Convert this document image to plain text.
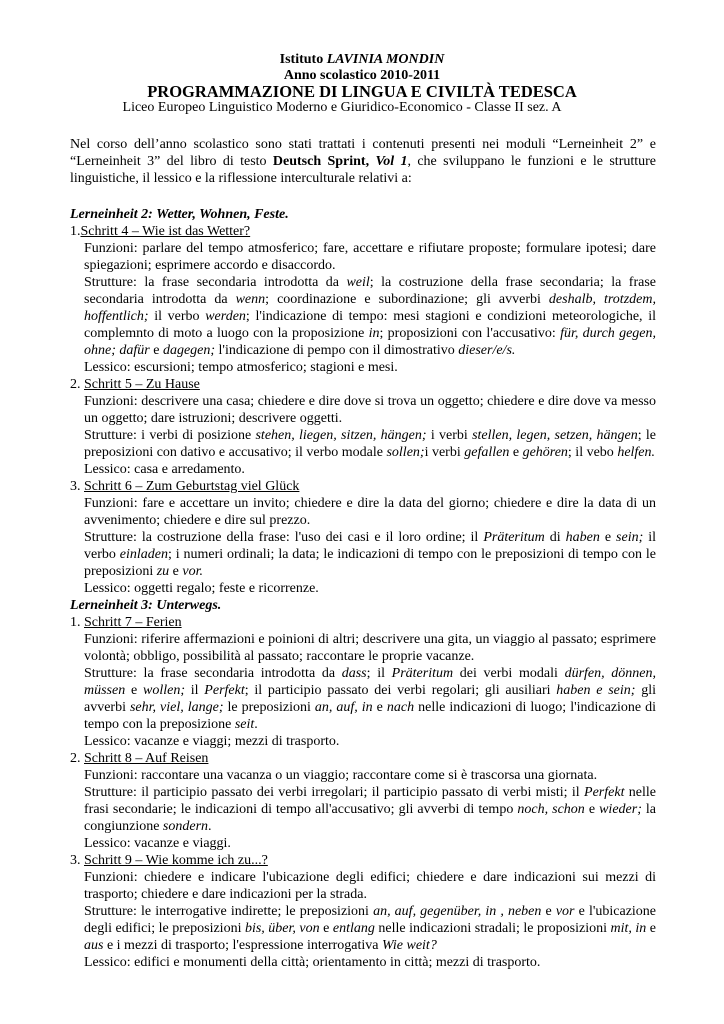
Istituto LAVINIA MONDIN
Anno scolastico 2010-2011
PROGRAMMAZIONE DI LINGUA E CIVILTÀ TEDESCA
Liceo Europeo Linguistico Moderno e Giuridico-Economico - Classe II sez. A
Nel corso dell’anno scolastico sono stati trattati i contenuti presenti nei moduli “Lerneinheit 2” e “Lerneinheit 3” del libro di testo Deutsch Sprint, Vol 1, che sviluppano le funzioni e le strutture linguistiche, il lessico e la riflessione interculturale relativi a:
Lerneinheit 2: Wetter, Wohnen, Feste.
1.Schritt 4 – Wie ist das Wetter?
Funzioni: parlare del tempo atmosferico; fare, accettare e rifiutare proposte; formulare ipotesi; dare spiegazioni; esprimere accordo e disaccordo.
Strutture: la frase secondaria introdotta da weil; la costruzione della frase secondaria; la frase secondaria introdotta da wenn; coordinazione e subordinazione; gli avverbi deshalb, trotzdem, hoffentlich; il verbo werden; l'indicazione di tempo: mesi stagioni e condizioni meteorologiche, il complemnto di moto a luogo con la proposizione in; proposizioni con l'accusativo: für, durch gegen, ohne; dafür e dagegen; l'indicazione di pempo con il dimostrativo dieser/e/s.
Lessico: escursioni; tempo atmosferico; stagioni e mesi.
2. Schritt 5 – Zu Hause
Funzioni: descrivere una casa; chiedere e dire dove si trova un oggetto; chiedere e dire dove va messo un oggetto; dare istruzioni; descrivere oggetti.
Strutture: i verbi di posizione stehen, liegen, sitzen, hängen; i verbi stellen, legen, setzen, hängen; le preposizioni con dativo e accusativo; il verbo modale sollen;i verbi gefallen e gehören; il vebo helfen.
Lessico: casa e arredamento.
3. Schritt 6 – Zum Geburtstag viel Glück
Funzioni: fare e accettare un invito; chiedere e dire la data del giorno; chiedere e dire la data di un avvenimento; chiedere e dire sul prezzo.
Strutture: la costruzione della frase: l'uso dei casi e il loro ordine; il Präteritum di haben e sein; il verbo einladen; i numeri ordinali; la data; le indicazioni di tempo con le preposizioni di tempo con le preposizioni zu e vor.
Lessico: oggetti regalo; feste e ricorrenze.
Lerneinheit 3: Unterwegs.
1. Schritt 7 – Ferien
Funzioni: riferire affermazioni e poinioni di altri; descrivere una gita, un viaggio al passato; esprimere volontà; obbligo, possibilità al passato; raccontare le proprie vacanze.
Strutture: la frase secondaria introdotta da dass; il Präteritum dei verbi modali dürfen, dönnen, müssen e wollen; il Perfekt; il participio passato dei verbi regolari; gli ausiliari haben e sein; gli avverbi sehr, viel, lange; le preposizioni an, auf, in e nach nelle indicazioni di luogo; l'indicazione di tempo con la preposizione seit.
Lessico: vacanze e viaggi; mezzi di trasporto.
2. Schritt 8 – Auf Reisen
Funzioni: raccontare una vacanza o un viaggio; raccontare come si è trascorsa una giornata.
Strutture: il participio passato dei verbi irregolari; il participio passato di verbi misti; il Perfekt nelle frasi secondarie; le indicazioni di tempo all'accusativo; gli avverbi di tempo noch, schon e wieder; la congiunzione sondern.
Lessico: vacanze e viaggi.
3. Schritt 9 – Wie komme ich zu...?
Funzioni: chiedere e indicare l'ubicazione degli edifici; chiedere e dare indicazioni sui mezzi di trasporto; chiedere e dare indicazioni per la strada.
Strutture: le interrogative indirette; le preposizioni an, auf, gegenüber, in , neben e vor e l'ubicazione degli edifici; le preposizioni bis, über, von e entlang nelle indicazioni stradali; le proposizioni mit, in e aus e i mezzi di trasporto; l'espressione interrogativa Wie weit?
Lessico: edifici e monumenti della città; orientamento in città; mezzi di trasporto.
